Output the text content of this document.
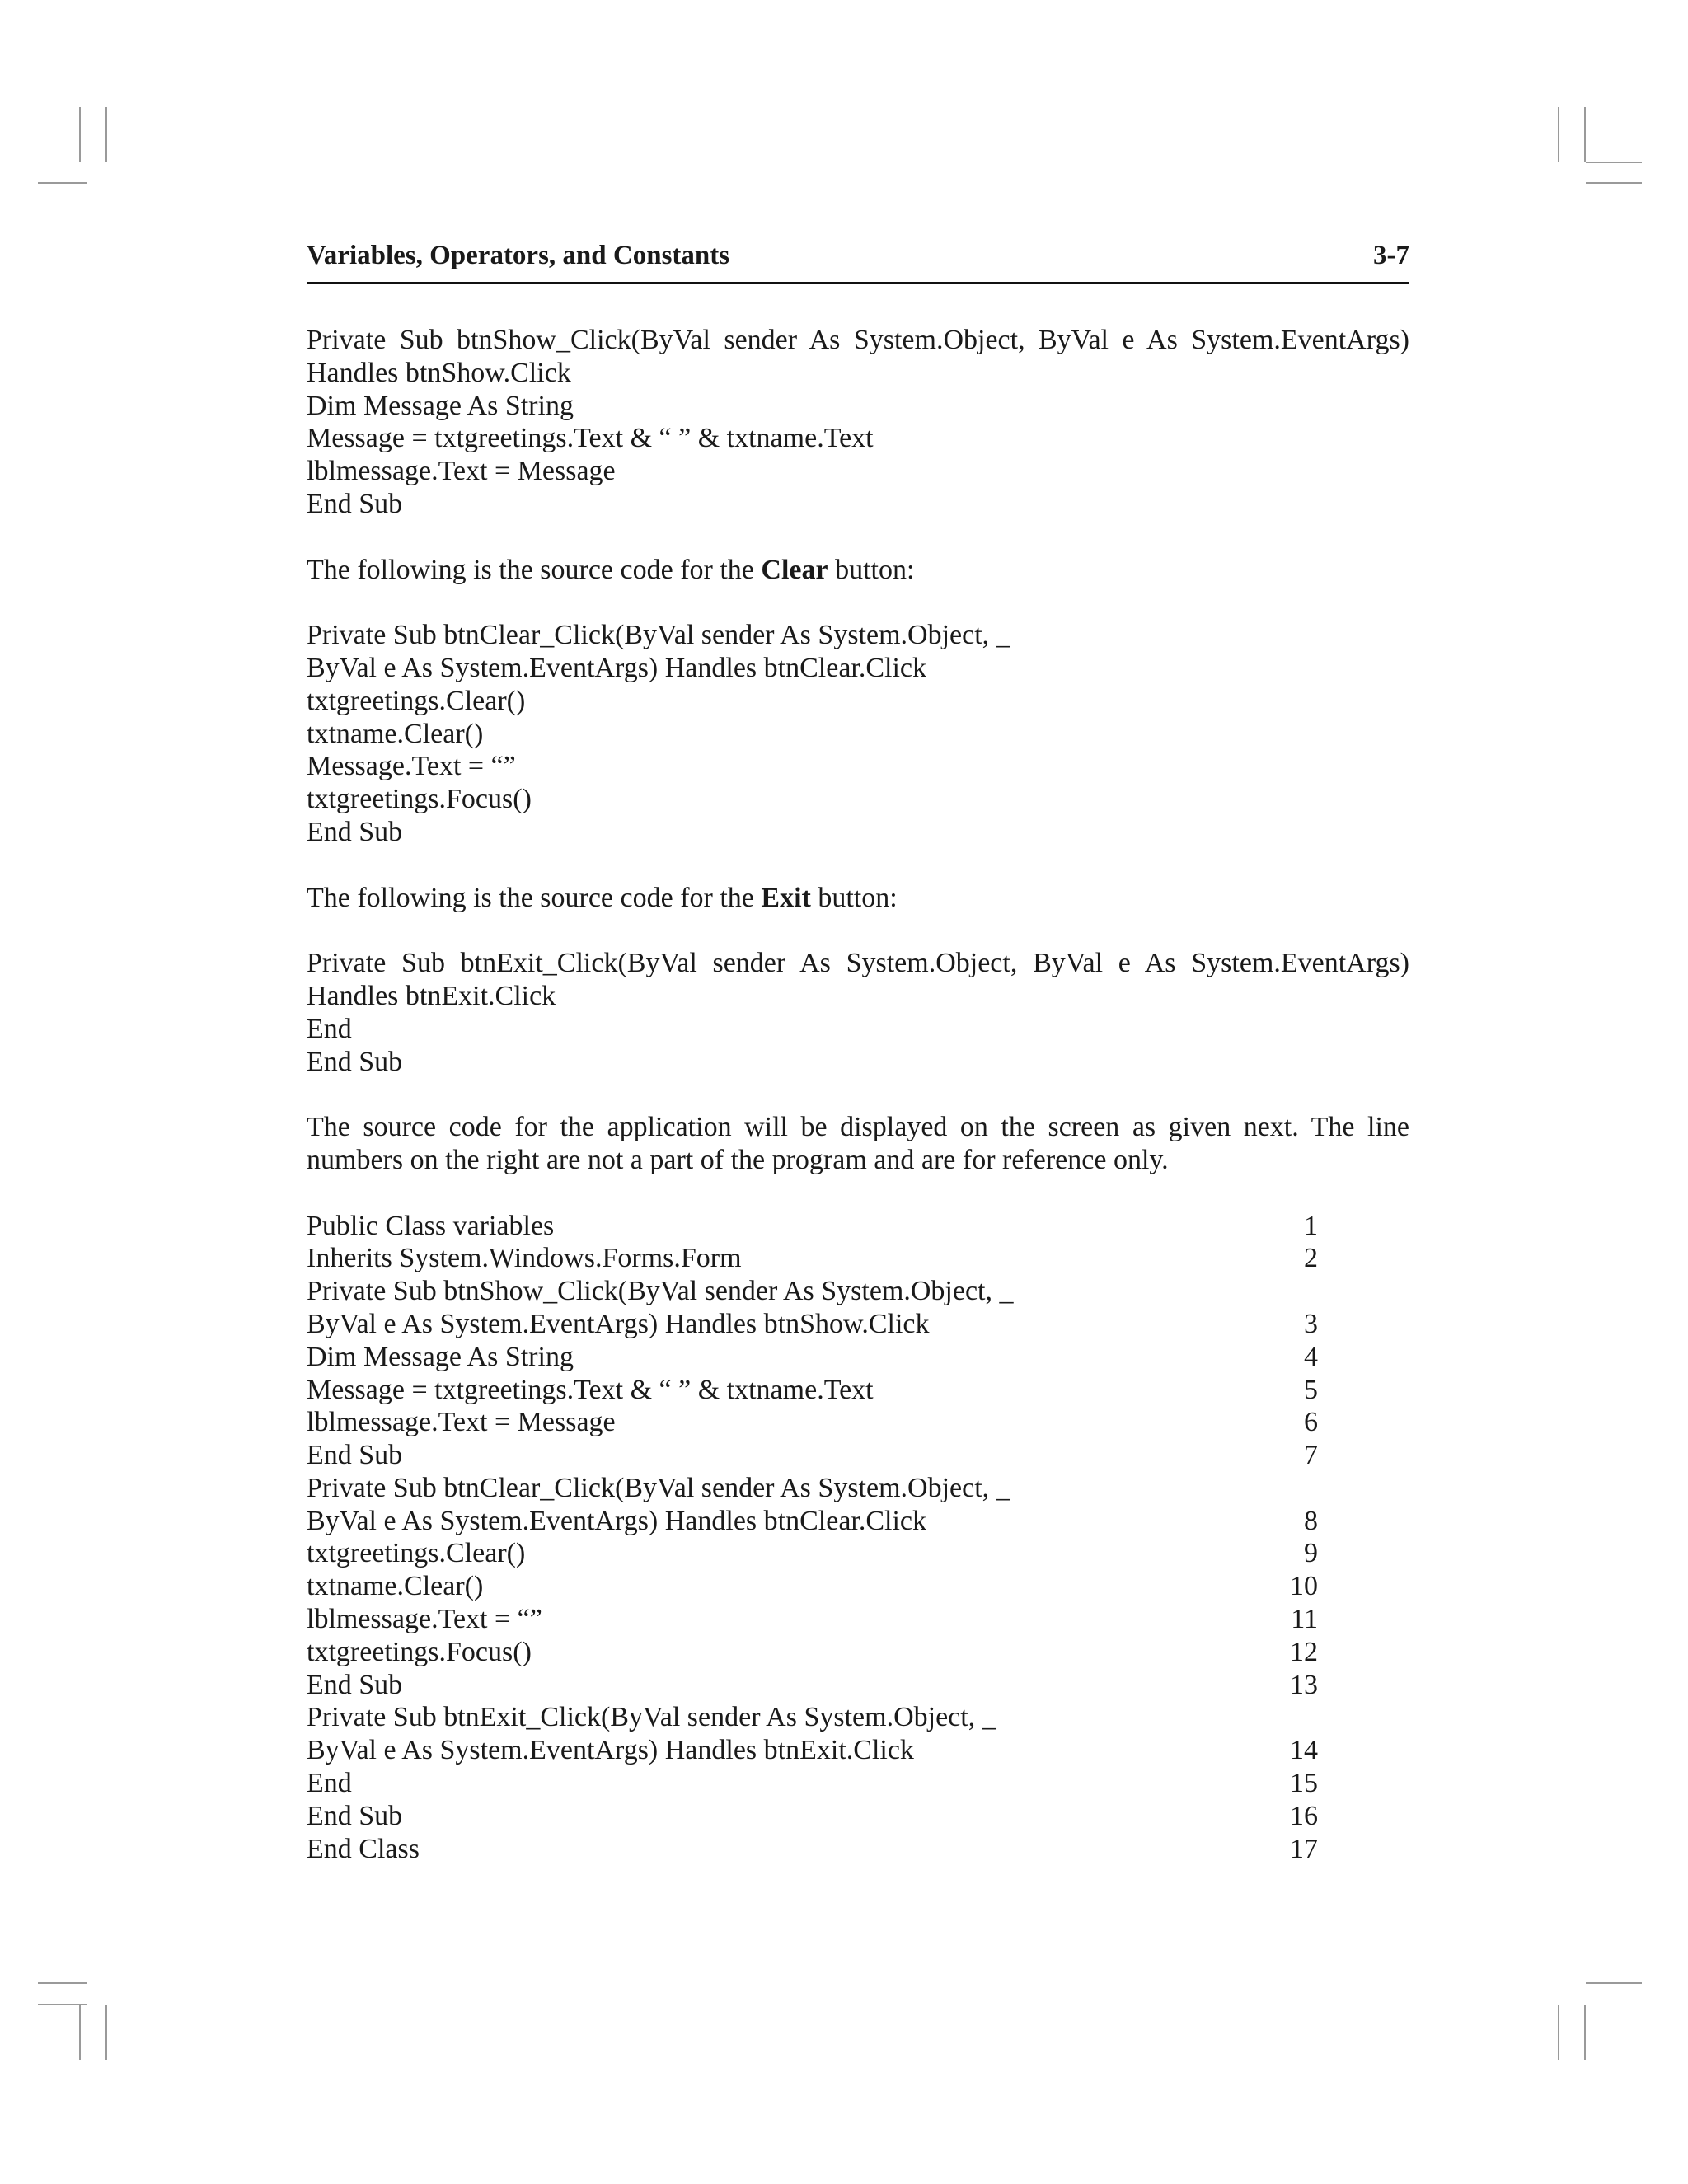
Variables, Operators, and Constants	3-7
Private Sub btnShow_Click(ByVal sender As System.Object, ByVal e As System.EventArgs)
Handles btnShow.Click
Dim Message As String
Message = txtgreetings.Text & “ ” & txtname.Text
lblmessage.Text = Message
End Sub
The following is the source code for the Clear button:
Private Sub btnClear_Click(ByVal sender As System.Object, _
ByVal e As System.EventArgs) Handles btnClear.Click
txtgreetings.Clear()
txtname.Clear()
Message.Text = “”
txtgreetings.Focus()
End Sub
The following is the source code for the Exit button:
Private Sub btnExit_Click(ByVal sender As System.Object, ByVal e As System.EventArgs)
Handles btnExit.Click
End
End Sub
The source code for the application will be displayed on the screen as given next. The line numbers on the right are not a part of the program and are for reference only.
Public Class variables	1
Inherits System.Windows.Forms.Form	2
Private Sub btnShow_Click(ByVal sender As System.Object, _
ByVal e As System.EventArgs) Handles btnShow.Click	3
Dim Message As String	4
Message = txtgreetings.Text & “ ” & txtname.Text	5
lblmessage.Text = Message	6
End Sub	7
Private Sub btnClear_Click(ByVal sender As System.Object, _
ByVal e As System.EventArgs) Handles btnClear.Click	8
txtgreetings.Clear()	9
txtname.Clear()	10
lblmessage.Text = “”	11
txtgreetings.Focus()	12
End Sub	13
Private Sub btnExit_Click(ByVal sender As System.Object, _
ByVal e As System.EventArgs) Handles btnExit.Click	14
End	15
End Sub	16
End Class	17
